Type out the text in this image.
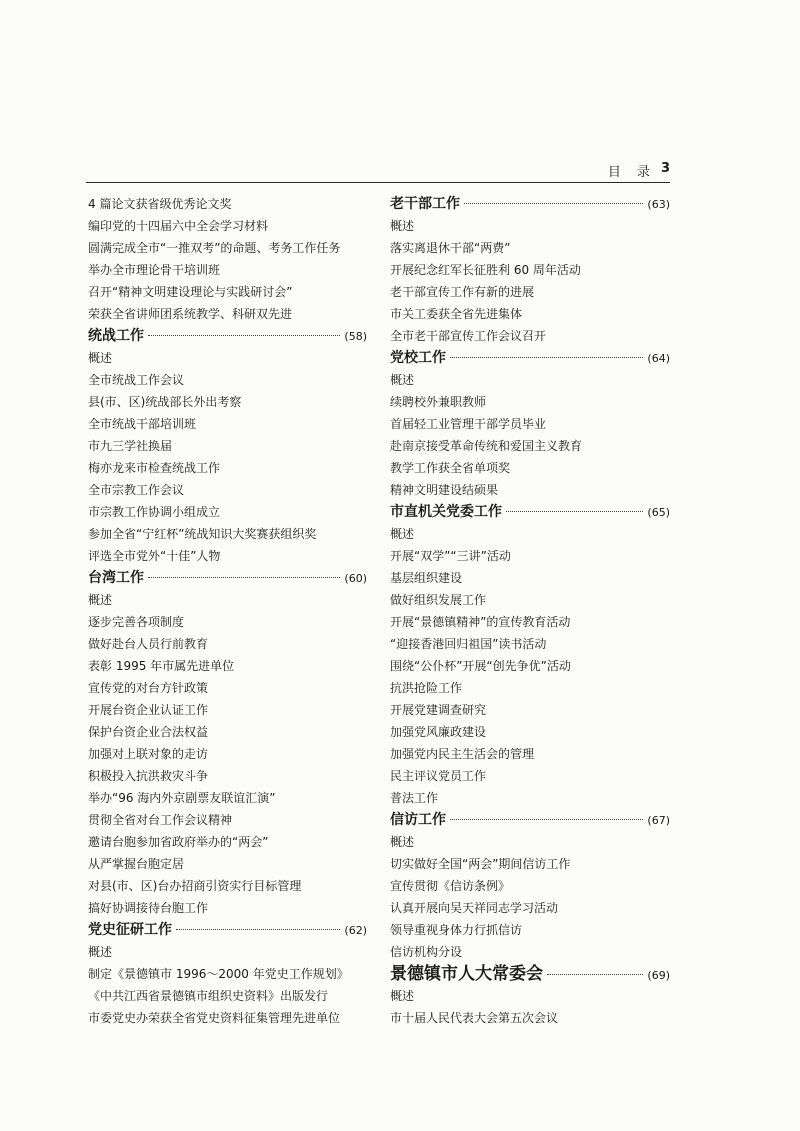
目 录 3
4 篇论文获省级优秀论文奖
编印党的十四届六中全会学习材料
圆满完成全市“一推双考”的命题、考务工作任务
举办全市理论骨干培训班
召开“精神文明建设理论与实践研讨会”
荣获全省讲师团系统教学、科研双先进
统战工作	(58)
概述
全市统战工作会议
县(市、区)统战部长外出考察
全市统战干部培训班
市九三学社换届
梅亦龙来市检查统战工作
全市宗教工作会议
市宗教工作协调小组成立
参加全省“宁红杯”统战知识大奖赛获组织奖
评选全市党外“十佳”人物
台湾工作	(60)
概述
逐步完善各项制度
做好赴台人员行前教育
表彰 1995 年市属先进单位
宣传党的对台方针政策
开展台资企业认证工作
保护台资企业合法权益
加强对上联对象的走访
积极投入抗洪救灾斗争
举办“96 海内外京剧票友联谊汇演”
贯彻全省对台工作会议精神
邀请台胞参加省政府举办的“两会”
从严掌握台胞定居
对县(市、区)台办招商引资实行目标管理
搞好协调接待台胞工作
党史征研工作	(62)
概述
制定《景德镇市 1996～2000 年党史工作规划》
《中共江西省景德镇市组织史资料》出版发行
市委党史办荣获全省党史资料征集管理先进单位
老干部工作	(63)
概述
落实离退休干部“两费”
开展纪念红军长征胜利 60 周年活动
老干部宣传工作有新的进展
市关工委获全省先进集体
全市老干部宣传工作会议召开
党校工作	(64)
概述
续聘校外兼职教师
首届轻工业管理干部学员毕业
赴南京接受革命传统和爱国主义教育
教学工作获全省单项奖
精神文明建设结硕果
市直机关党委工作	(65)
概述
开展“双学”“三讲”活动
基层组织建设
做好组织发展工作
开展“景德镇精神”的宣传教育活动
“迎接香港回归祖国”读书活动
围绕“公仆杯”开展“创先争优”活动
抗洪抢险工作
开展党建调查研究
加强党风廉政建设
加强党内民主生活会的管理
民主评议党员工作
普法工作
信访工作	(67)
概述
切实做好全国“两会”期间信访工作
宣传贯彻《信访条例》
认真开展向吴天祥同志学习活动
领导重视身体力行抓信访
信访机构分设
景德镇市人大常委会	(69)
概述
市十届人民代表大会第五次会议
